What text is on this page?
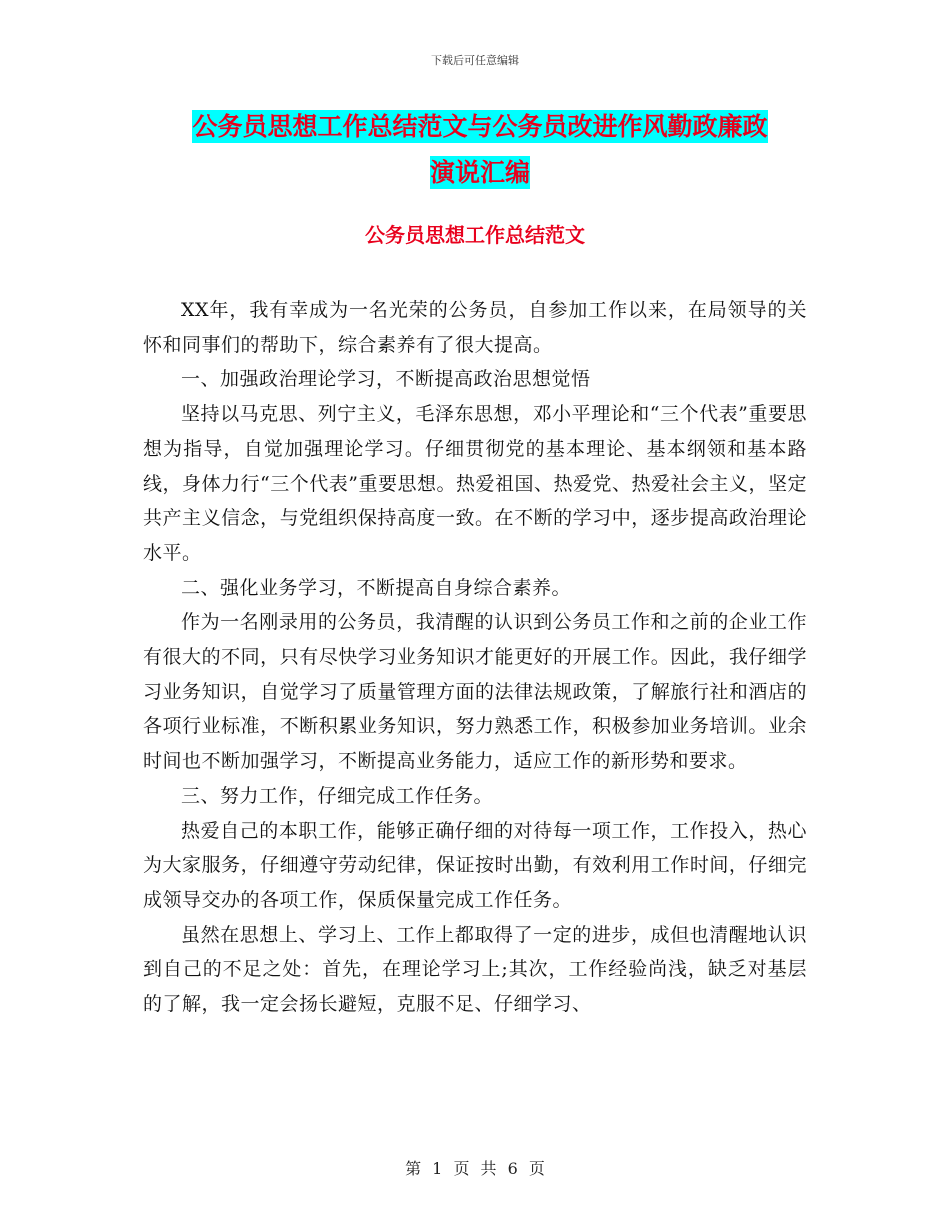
下载后可任意编辑
公务员思想工作总结范文与公务员改进作风勤政廉政
演说汇编
公务员思想工作总结范文

XX年，我有幸成为一名光荣的公务员，自参加工作以来，在局领导的关怀和同事们的帮助下，综合素养有了很大提高。

一、加强政治理论学习，不断提高政治思想觉悟

坚持以马克思、列宁主义，毛泽东思想，邓小平理论和“三个代表”重要思想为指导，自觉加强理论学习。仔细贯彻党的基本理论、基本纲领和基本路线，身体力行“三个代表”重要思想。热爱祖国、热爱党、热爱社会主义，坚定共产主义信念，与党组织保持高度一致。在不断的学习中，逐步提高政治理论水平。

二、强化业务学习，不断提高自身综合素养。

作为一名刚录用的公务员，我清醒的认识到公务员工作和之前的企业工作有很大的不同，只有尽快学习业务知识才能更好的开展工作。因此，我仔细学习业务知识，自觉学习了质量管理方面的法律法规政策，了解旅行社和酒店的各项行业标准，不断积累业务知识，努力熟悉工作，积极参加业务培训。业余时间也不断加强学习，不断提高业务能力，适应工作的新形势和要求。

三、努力工作，仔细完成工作任务。

热爱自己的本职工作，能够正确仔细的对待每一项工作，工作投入，热心为大家服务，仔细遵守劳动纪律，保证按时出勤，有效利用工作时间，仔细完成领导交办的各项工作，保质保量完成工作任务。

虽然在思想上、学习上、工作上都取得了一定的进步，成但也清醒地认识到自己的不足之处：首先，在理论学习上;其次，工作经验尚浅，缺乏对基层的了解，我一定会扬长避短，克服不足、仔细学习、

第 1 页 共 6 页
